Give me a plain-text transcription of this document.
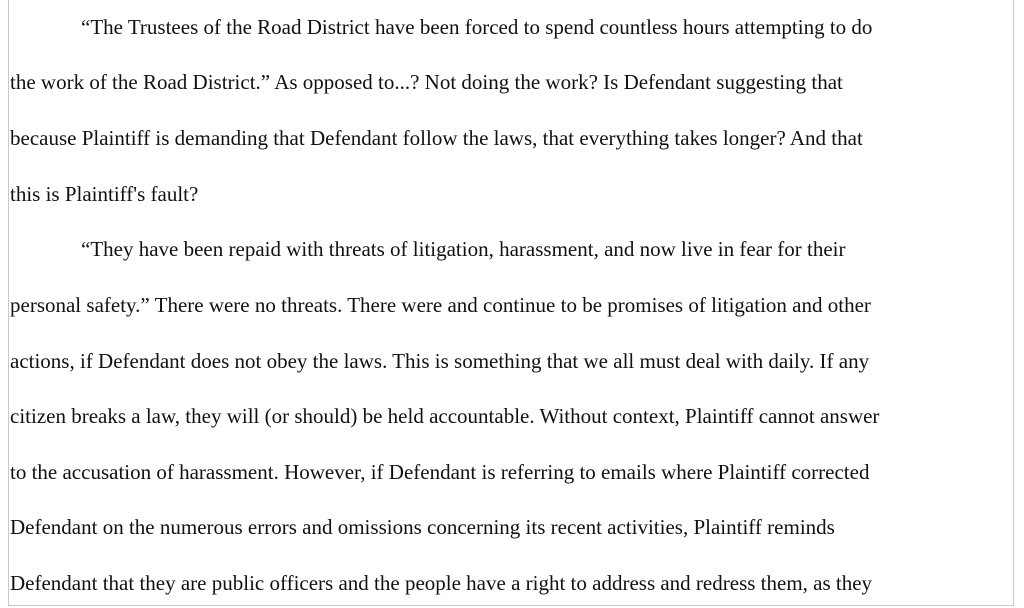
“The Trustees of the Road District have been forced to spend countless hours attempting to do
the work of the Road District.” As opposed to...? Not doing the work? Is Defendant suggesting that
because Plaintiff is demanding that Defendant follow the laws, that everything takes longer? And that
this is Plaintiff's fault?
“They have been repaid with threats of litigation, harassment, and now live in fear for their
personal safety.” There were no threats. There were and continue to be promises of litigation and other
actions, if Defendant does not obey the laws. This is something that we all must deal with daily. If any
citizen breaks a law, they will (or should) be held accountable. Without context, Plaintiff cannot answer
to the accusation of harassment. However, if Defendant is referring to emails where Plaintiff corrected
Defendant on the numerous errors and omissions concerning its recent activities, Plaintiff reminds
Defendant that they are public officers and the people have a right to address and redress them, as they
